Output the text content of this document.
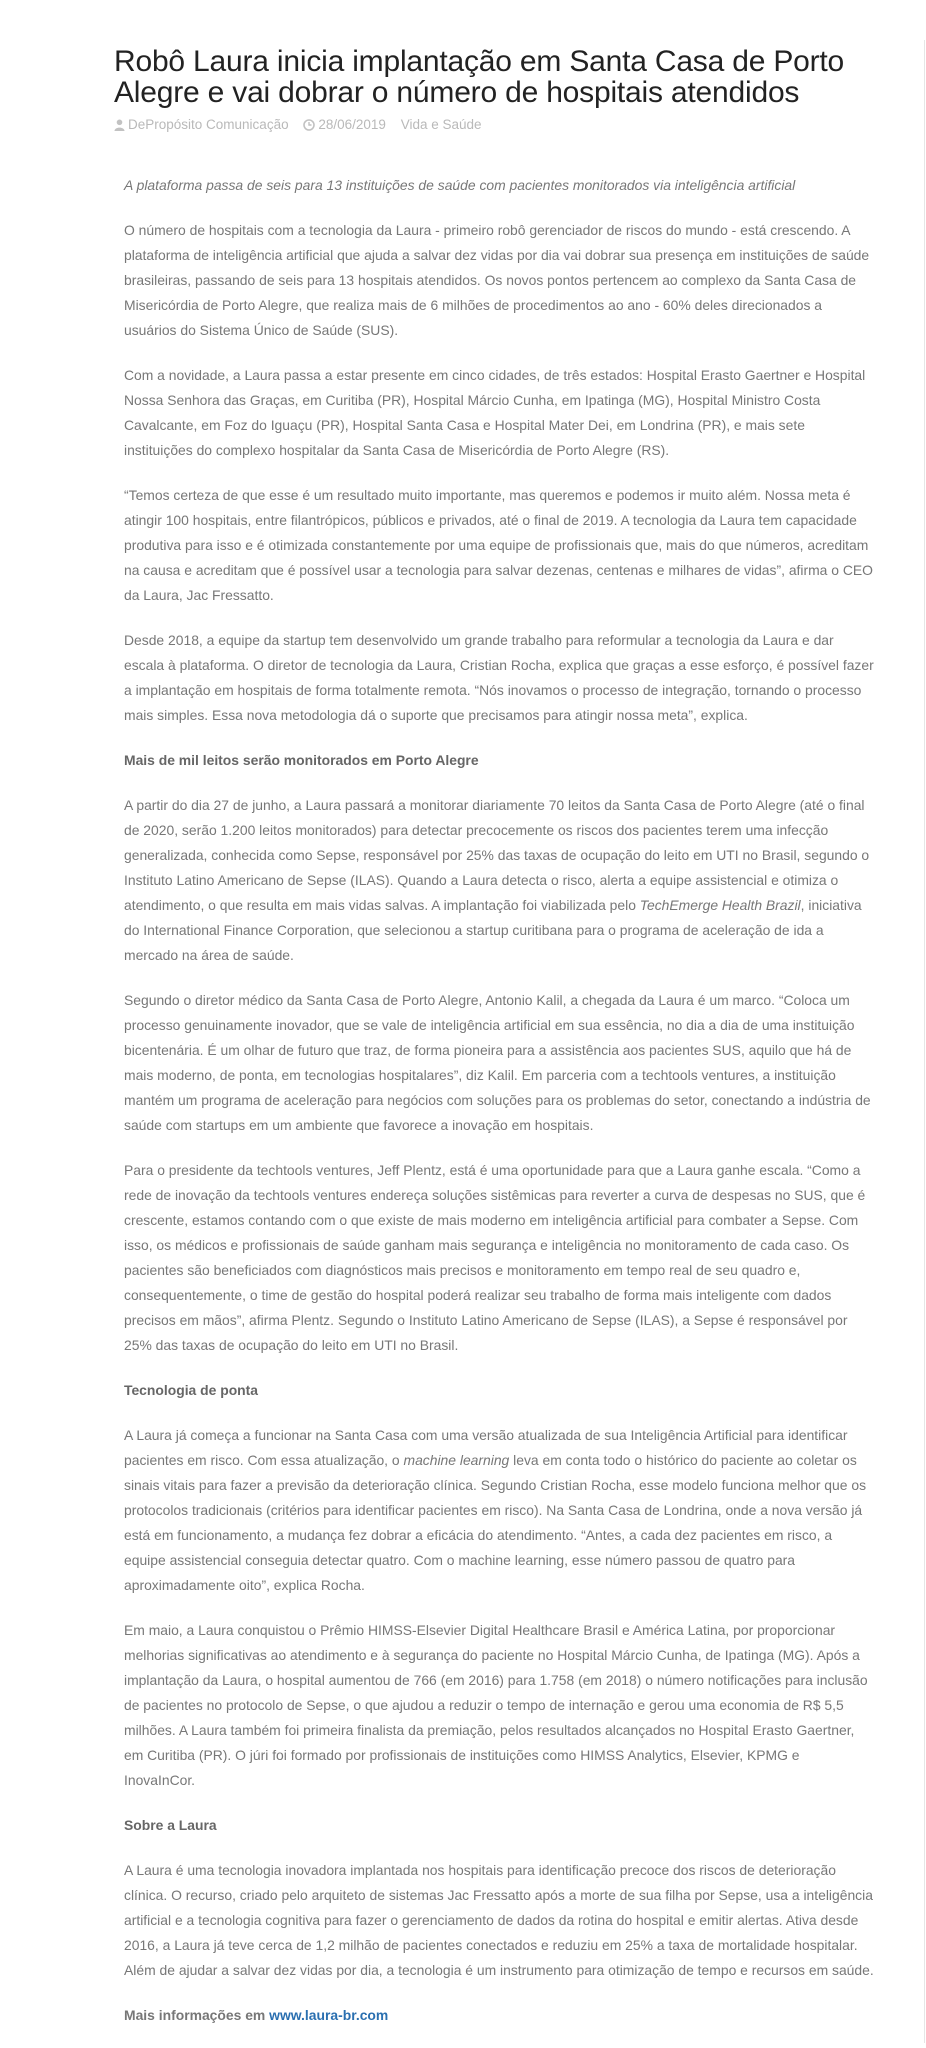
Robô Laura inicia implantação em Santa Casa de Porto Alegre e vai dobrar o número de hospitais atendidos
DePropósito Comunicação 28/06/2019 Vida e Saúde

A plataforma passa de seis para 13 instituições de saúde com pacientes monitorados via inteligência artificial

O número de hospitais com a tecnologia da Laura - primeiro robô gerenciador de riscos do mundo - está crescendo. A plataforma de inteligência artificial que ajuda a salvar dez vidas por dia vai dobrar sua presença em instituições de saúde brasileiras, passando de seis para 13 hospitais atendidos. Os novos pontos pertencem ao complexo da Santa Casa de Misericórdia de Porto Alegre, que realiza mais de 6 milhões de procedimentos ao ano - 60% deles direcionados a usuários do Sistema Único de Saúde (SUS).

Com a novidade, a Laura passa a estar presente em cinco cidades, de três estados: Hospital Erasto Gaertner e Hospital Nossa Senhora das Graças, em Curitiba (PR), Hospital Márcio Cunha, em Ipatinga (MG), Hospital Ministro Costa Cavalcante, em Foz do Iguaçu (PR), Hospital Santa Casa e Hospital Mater Dei, em Londrina (PR), e mais sete instituições do complexo hospitalar da Santa Casa de Misericórdia de Porto Alegre (RS).

“Temos certeza de que esse é um resultado muito importante, mas queremos e podemos ir muito além. Nossa meta é atingir 100 hospitais, entre filantrópicos, públicos e privados, até o final de 2019. A tecnologia da Laura tem capacidade produtiva para isso e é otimizada constantemente por uma equipe de profissionais que, mais do que números, acreditam na causa e acreditam que é possível usar a tecnologia para salvar dezenas, centenas e milhares de vidas”, afirma o CEO da Laura, Jac Fressatto.

Desde 2018, a equipe da startup tem desenvolvido um grande trabalho para reformular a tecnologia da Laura e dar escala à plataforma. O diretor de tecnologia da Laura, Cristian Rocha, explica que graças a esse esforço, é possível fazer a implantação em hospitais de forma totalmente remota. “Nós inovamos o processo de integração, tornando o processo mais simples. Essa nova metodologia dá o suporte que precisamos para atingir nossa meta”, explica.

Mais de mil leitos serão monitorados em Porto Alegre

A partir do dia 27 de junho, a Laura passará a monitorar diariamente 70 leitos da Santa Casa de Porto Alegre (até o final de 2020, serão 1.200 leitos monitorados) para detectar precocemente os riscos dos pacientes terem uma infecção generalizada, conhecida como Sepse, responsável por 25% das taxas de ocupação do leito em UTI no Brasil, segundo o Instituto Latino Americano de Sepse (ILAS). Quando a Laura detecta o risco, alerta a equipe assistencial e otimiza o atendimento, o que resulta em mais vidas salvas. A implantação foi viabilizada pelo TechEmerge Health Brazil, iniciativa do International Finance Corporation, que selecionou a startup curitibana para o programa de aceleração de ida a mercado na área de saúde.

Segundo o diretor médico da Santa Casa de Porto Alegre, Antonio Kalil, a chegada da Laura é um marco. “Coloca um processo genuinamente inovador, que se vale de inteligência artificial em sua essência, no dia a dia de uma instituição bicentenária. É um olhar de futuro que traz, de forma pioneira para a assistência aos pacientes SUS, aquilo que há de mais moderno, de ponta, em tecnologias hospitalares”, diz Kalil. Em parceria com a techtools ventures, a instituição mantém um programa de aceleração para negócios com soluções para os problemas do setor, conectando a indústria de saúde com startups em um ambiente que favorece a inovação em hospitais.

Para o presidente da techtools ventures, Jeff Plentz, está é uma oportunidade para que a Laura ganhe escala. “Como a rede de inovação da techtools ventures endereça soluções sistêmicas para reverter a curva de despesas no SUS, que é crescente, estamos contando com o que existe de mais moderno em inteligência artificial para combater a Sepse. Com isso, os médicos e profissionais de saúde ganham mais segurança e inteligência no monitoramento de cada caso. Os pacientes são beneficiados com diagnósticos mais precisos e monitoramento em tempo real de seu quadro e, consequentemente, o time de gestão do hospital poderá realizar seu trabalho de forma mais inteligente com dados precisos em mãos”, afirma Plentz. Segundo o Instituto Latino Americano de Sepse (ILAS), a Sepse é responsável por 25% das taxas de ocupação do leito em UTI no Brasil.

Tecnologia de ponta

A Laura já começa a funcionar na Santa Casa com uma versão atualizada de sua Inteligência Artificial para identificar pacientes em risco. Com essa atualização, o machine learning leva em conta todo o histórico do paciente ao coletar os sinais vitais para fazer a previsão da deterioração clínica. Segundo Cristian Rocha, esse modelo funciona melhor que os protocolos tradicionais (critérios para identificar pacientes em risco). Na Santa Casa de Londrina, onde a nova versão já está em funcionamento, a mudança fez dobrar a eficácia do atendimento. “Antes, a cada dez pacientes em risco, a equipe assistencial conseguia detectar quatro. Com o machine learning, esse número passou de quatro para aproximadamente oito”, explica Rocha.

Em maio, a Laura conquistou o Prêmio HIMSS-Elsevier Digital Healthcare Brasil e América Latina, por proporcionar melhorias significativas ao atendimento e à segurança do paciente no Hospital Márcio Cunha, de Ipatinga (MG). Após a implantação da Laura, o hospital aumentou de 766 (em 2016) para 1.758 (em 2018) o número notificações para inclusão de pacientes no protocolo de Sepse, o que ajudou a reduzir o tempo de internação e gerou uma economia de R$ 5,5 milhões. A Laura também foi primeira finalista da premiação, pelos resultados alcançados no Hospital Erasto Gaertner, em Curitiba (PR). O júri foi formado por profissionais de instituições como HIMSS Analytics, Elsevier, KPMG e InovaInCor.

Sobre a Laura

A Laura é uma tecnologia inovadora implantada nos hospitais para identificação precoce dos riscos de deterioração clínica. O recurso, criado pelo arquiteto de sistemas Jac Fressatto após a morte de sua filha por Sepse, usa a inteligência artificial e a tecnologia cognitiva para fazer o gerenciamento de dados da rotina do hospital e emitir alertas. Ativa desde 2016, a Laura já teve cerca de 1,2 milhão de pacientes conectados e reduziu em 25% a taxa de mortalidade hospitalar. Além de ajudar a salvar dez vidas por dia, a tecnologia é um instrumento para otimização de tempo e recursos em saúde.

Mais informações em www.laura-br.com
